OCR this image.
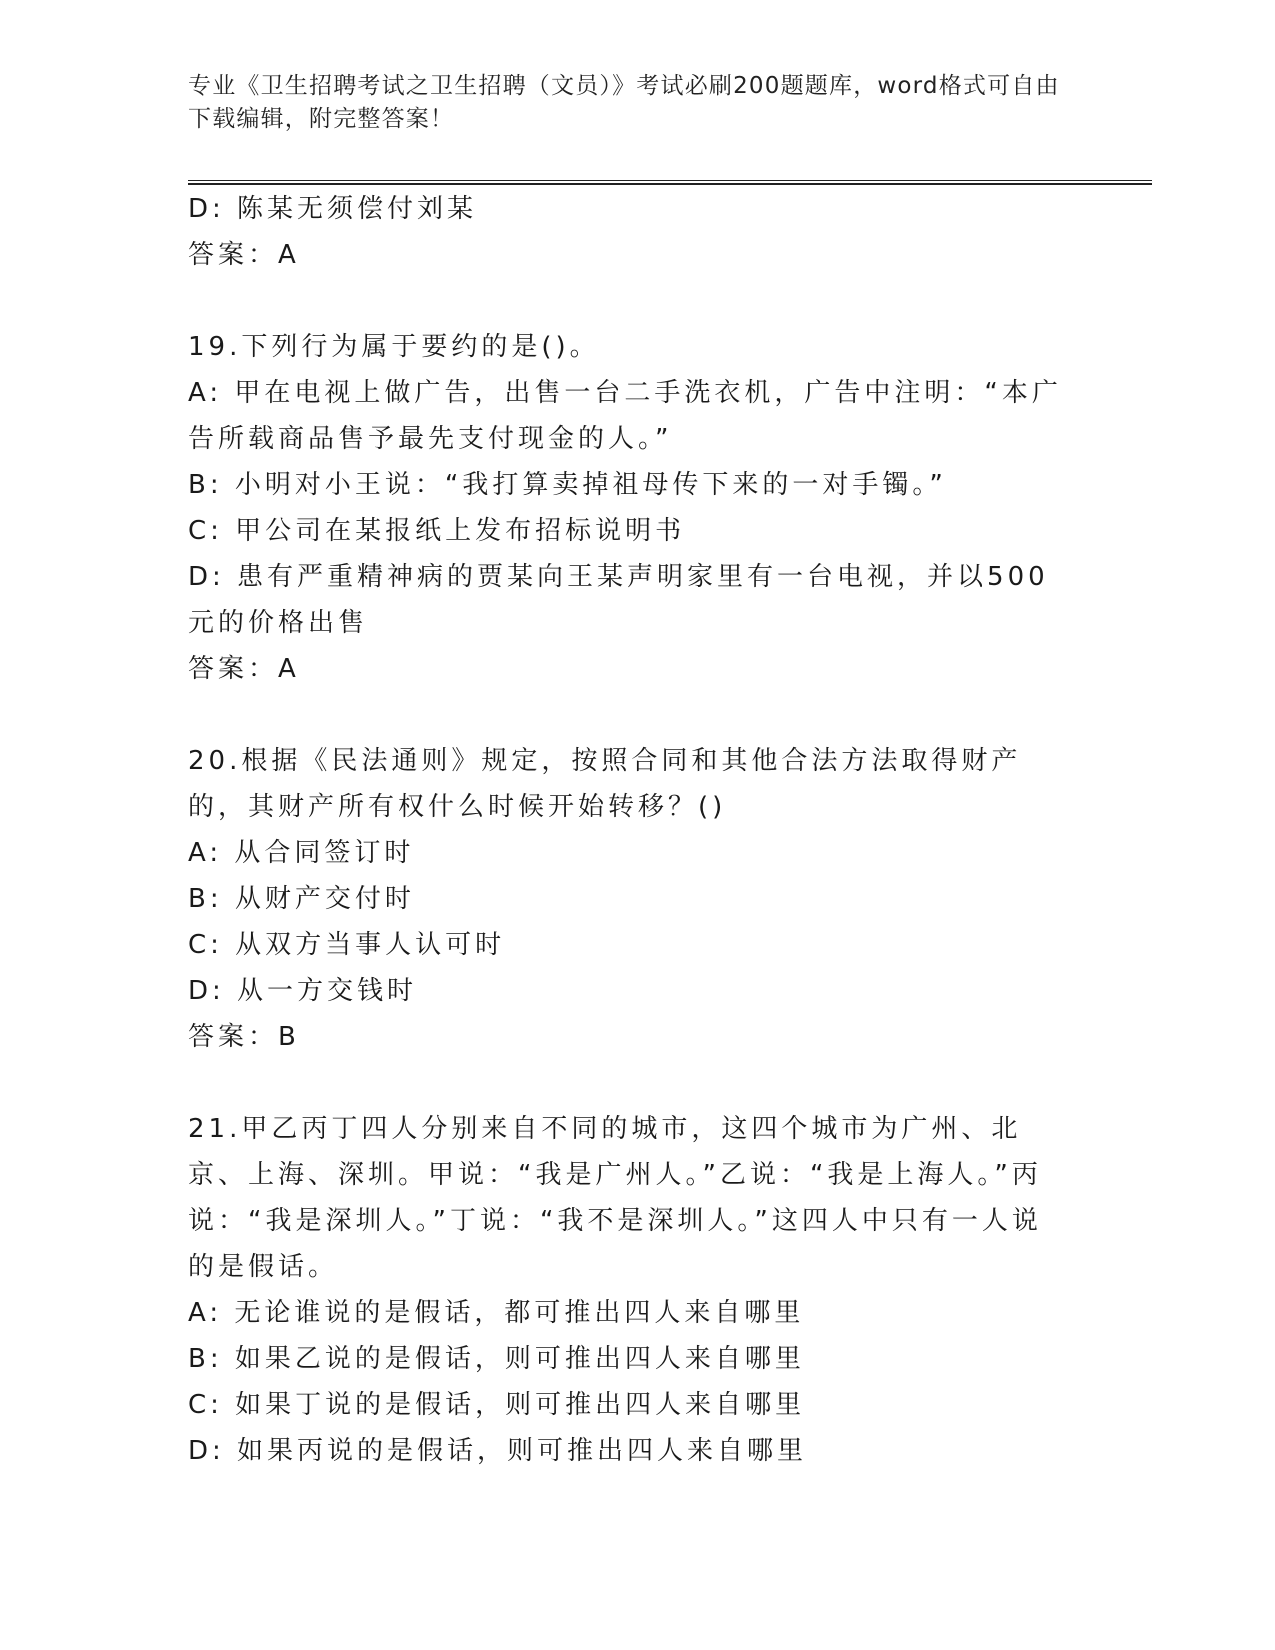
专业《卫生招聘考试之卫生招聘（文员）》考试必刷200题题库，word格式可自由下载编辑，附完整答案！

D: 陈某无须偿付刘某

答案：A

19.下列行为属于要约的是()。

A: 甲在电视上做广告，出售一台二手洗衣机，广告中注明：“本广告所载商品售予最先支付现金的人。”

B: 小明对小王说：“我打算卖掉祖母传下来的一对手镯。”

C: 甲公司在某报纸上发布招标说明书

D: 患有严重精神病的贾某向王某声明家里有一台电视，并以500元的价格出售

答案：A

20.根据《民法通则》规定，按照合同和其他合法方法取得财产的，其财产所有权什么时候开始转移？()

A: 从合同签订时

B: 从财产交付时

C: 从双方当事人认可时

D: 从一方交钱时

答案：B

21.甲乙丙丁四人分别来自不同的城市，这四个城市为广州、北京、上海、深圳。甲说：“我是广州人。”乙说：“我是上海人。”丙说：“我是深圳人。”丁说：“我不是深圳人。”这四人中只有一人说的是假话。

A: 无论谁说的是假话，都可推出四人来自哪里

B: 如果乙说的是假话，则可推出四人来自哪里

C: 如果丁说的是假话，则可推出四人来自哪里

D: 如果丙说的是假话，则可推出四人来自哪里
